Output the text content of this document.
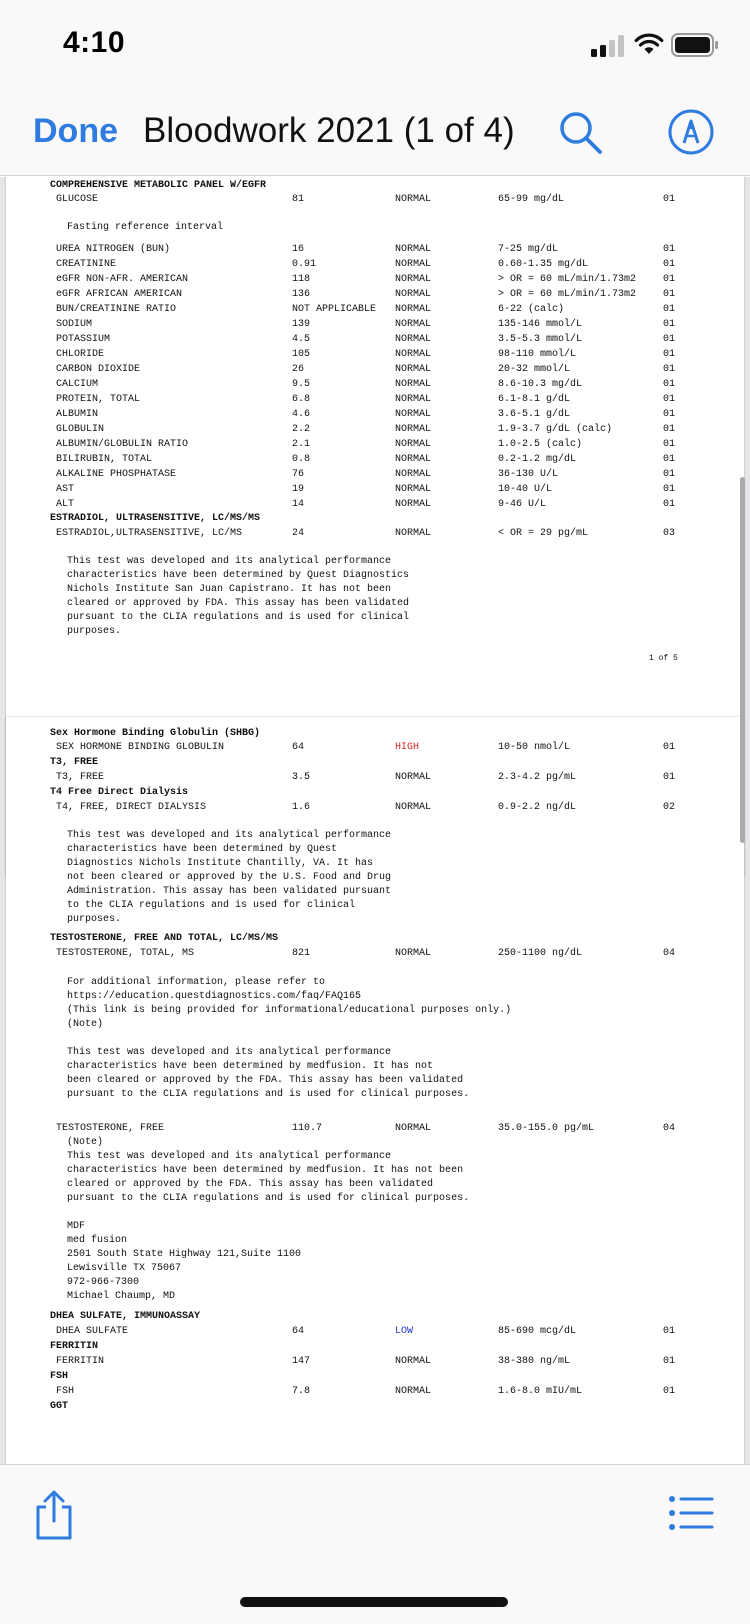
4:10
Done Bloodwork 2021 (1 of 4)
COMPREHENSIVE METABOLIC PANEL W/EGFR
GLUCOSE	81	NORMAL	65-99 mg/dL	01
Fasting reference interval
UREA NITROGEN (BUN)	16	NORMAL	7-25 mg/dL	01
CREATININE	0.91	NORMAL	0.60-1.35 mg/dL	01
eGFR NON-AFR. AMERICAN	118	NORMAL	> OR = 60 mL/min/1.73m2	01
eGFR AFRICAN AMERICAN	136	NORMAL	> OR = 60 mL/min/1.73m2	01
BUN/CREATININE RATIO	NOT APPLICABLE NORMAL	6-22 (calc)	01
SODIUM	139	NORMAL	135-146 mmol/L	01
POTASSIUM	4.5	NORMAL	3.5-5.3 mmol/L	01
CHLORIDE	105	NORMAL	98-110 mmol/L	01
CARBON DIOXIDE	26	NORMAL	20-32 mmol/L	01
CALCIUM	9.5	NORMAL	8.6-10.3 mg/dL	01
PROTEIN, TOTAL	6.8	NORMAL	6.1-8.1 g/dL	01
ALBUMIN	4.6	NORMAL	3.6-5.1 g/dL	01
GLOBULIN	2.2	NORMAL	1.9-3.7 g/dL (calc)	01
ALBUMIN/GLOBULIN RATIO	2.1	NORMAL	1.0-2.5 (calc)	01
BILIRUBIN, TOTAL	0.8	NORMAL	0.2-1.2 mg/dL	01
ALKALINE PHOSPHATASE	76	NORMAL	36-130 U/L	01
AST	19	NORMAL	10-40 U/L	01
ALT	14	NORMAL	9-46 U/L	01
ESTRADIOL, ULTRASENSITIVE, LC/MS/MS
ESTRADIOL,ULTRASENSITIVE, LC/MS	24	NORMAL	< OR = 29 pg/mL	03
This test was developed and its analytical performance
characteristics have been determined by Quest Diagnostics
Nichols Institute San Juan Capistrano. It has not been
cleared or approved by FDA. This assay has been validated
pursuant to the CLIA regulations and is used for clinical
purposes.
1 of 5
Sex Hormone Binding Globulin (SHBG)
SEX HORMONE BINDING GLOBULIN	64	HIGH	10-50 nmol/L	01
T3, FREE
T3, FREE	3.5	NORMAL	2.3-4.2 pg/mL	01
T4 Free Direct Dialysis
T4, FREE, DIRECT DIALYSIS	1.6	NORMAL	0.9-2.2 ng/dL	02
This test was developed and its analytical performance
characteristics have been determined by Quest
Diagnostics Nichols Institute Chantilly, VA. It has
not been cleared or approved by the U.S. Food and Drug
Administration. This assay has been validated pursuant
to the CLIA regulations and is used for clinical
purposes.
TESTOSTERONE, FREE AND TOTAL, LC/MS/MS
TESTOSTERONE, TOTAL, MS	821	NORMAL	250-1100 ng/dL	04
For additional information, please refer to
https://education.questdiagnostics.com/faq/FAQ165
(This link is being provided for informational/educational purposes only.)
(Note)
This test was developed and its analytical performance
characteristics have been determined by medfusion. It has not
been cleared or approved by the FDA. This assay has been validated
pursuant to the CLIA regulations and is used for clinical purposes.
TESTOSTERONE, FREE	110.7	NORMAL	35.0-155.0 pg/mL	04
(Note)
This test was developed and its analytical performance
characteristics have been determined by medfusion. It has not been
cleared or approved by the FDA. This assay has been validated
pursuant to the CLIA regulations and is used for clinical purposes.
MDF
med fusion
2501 South State Highway 121,Suite 1100
Lewisville TX 75067
972-966-7300
Michael Chaump, MD
DHEA SULFATE, IMMUNOASSAY
DHEA SULFATE	64	LOW	85-690 mcg/dL	01
FERRITIN
FERRITIN	147	NORMAL	38-380 ng/mL	01
FSH
FSH	7.8	NORMAL	1.6-8.0 mIU/mL	01
GGT
